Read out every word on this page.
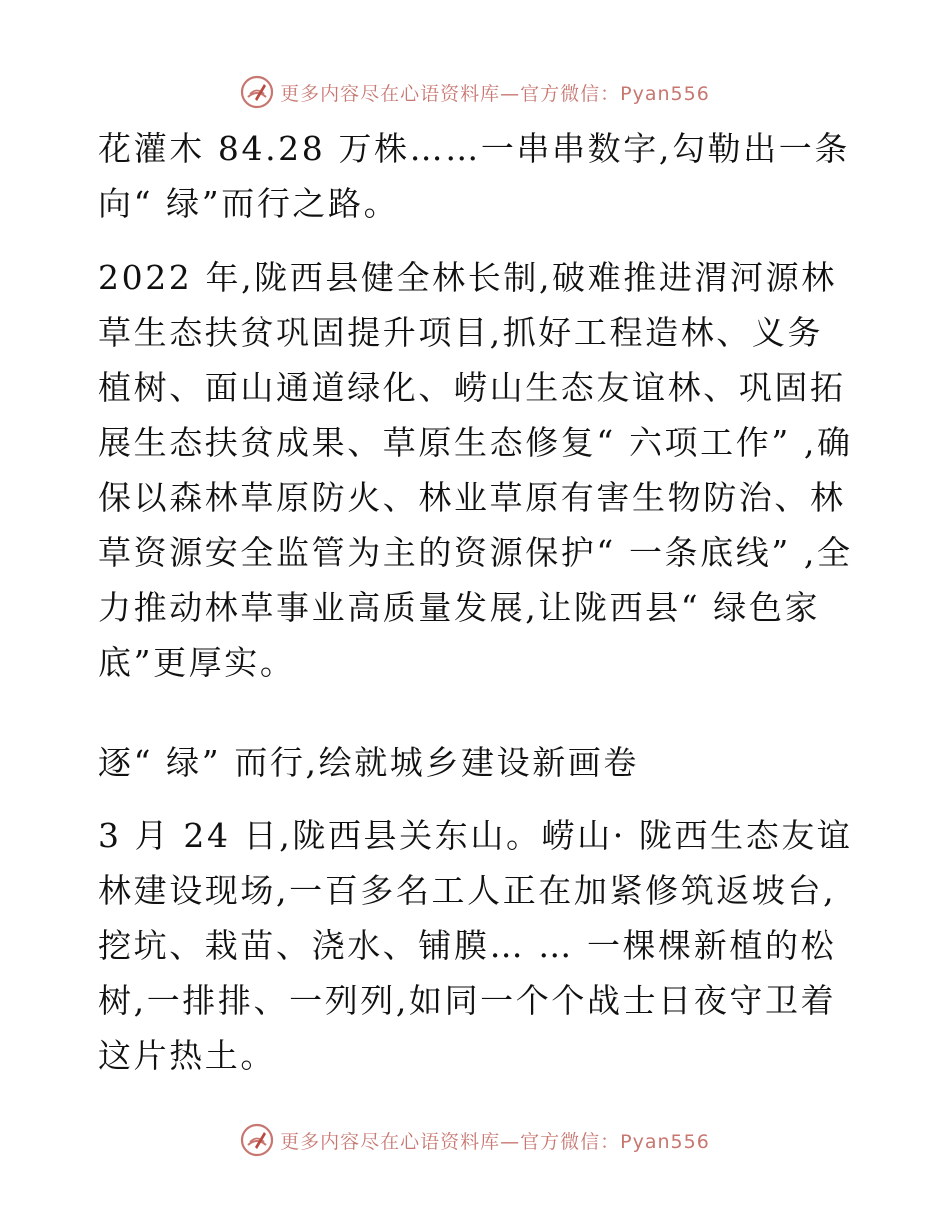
更多内容尽在心语资料库—官方微信：Pyan556

花灌木 84.28 万株……一串串数字,勾勒出一条向“ 绿”而行之路。

2022 年,陇西县健全林长制,破难推进渭河源林草生态扶贫巩固提升项目,抓好工程造林、义务植树、面山通道绿化、崂山生态友谊林、巩固拓展生态扶贫成果、草原生态修复“ 六项工作” ,确保以森林草原防火、林业草原有害生物防治、林草资源安全监管为主的资源保护“ 一条底线” ,全力推动林草事业高质量发展,让陇西县“ 绿色家底”更厚实。

逐“ 绿” 而行,绘就城乡建设新画卷

3 月 24 日,陇西县关东山。崂山· 陇西生态友谊林建设现场,一百多名工人正在加紧修筑返坡台,挖坑、栽苗、浇水、铺膜… … 一棵棵新植的松树,一排排、一列列,如同一个个战士日夜守卫着这片热土。

更多内容尽在心语资料库—官方微信：Pyan556
